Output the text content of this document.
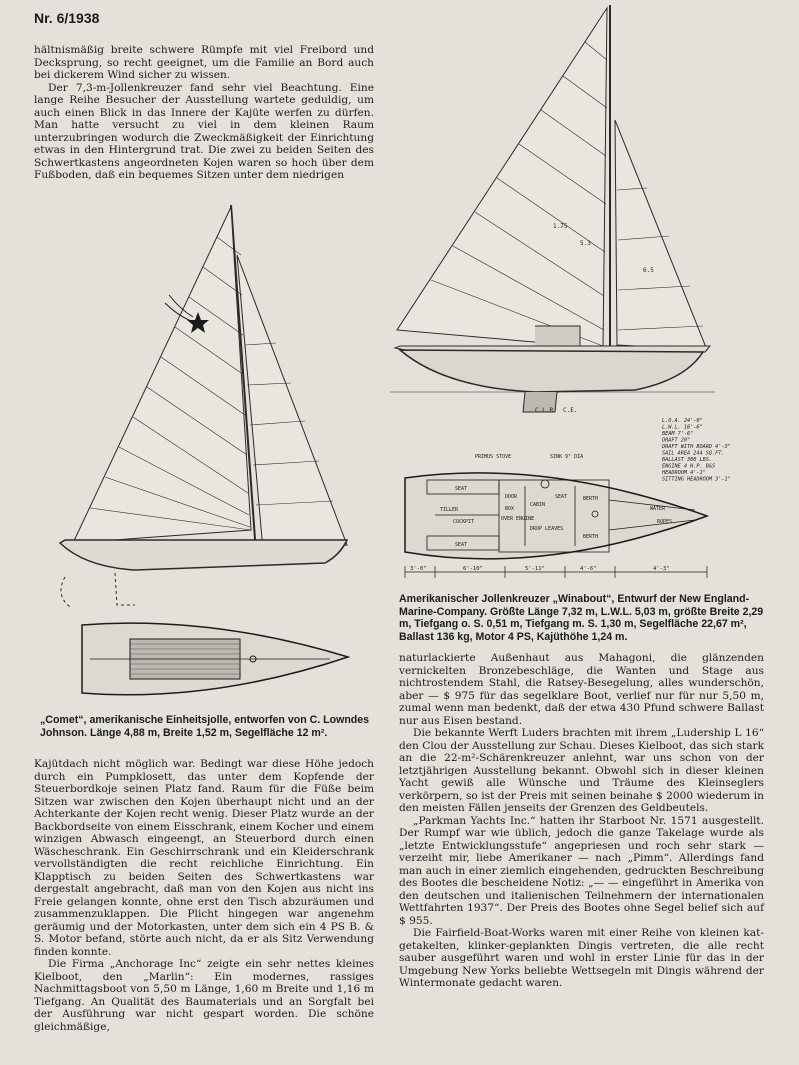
Nr. 6/1938

hältnismäßig breite schwere Rümpfe mit viel Freibord und Decksprung, so recht geeignet, um die Familie an Bord auch bei dickerem Wind sicher zu wissen.

Der 7,3-m-Jollenkreuzer fand sehr viel Beachtung. Eine lange Reihe Besucher der Ausstellung wartete geduldig, um auch einen Blick in das Innere der Kajüte werfen zu dürfen. Man hatte versucht zu viel in dem kleinen Raum unterzubringen wodurch die Zweckmäßigkeit der Einrichtung etwas in den Hintergrund trat. Die zwei zu beiden Seiten des Schwertkastens angeordneten Kojen waren so hoch über dem Fußboden, daß ein bequemes Sitzen unter dem niedrigen

„Comet“, amerikanische Einheitsjolle, entworfen von C. Lowndes Johnson. Länge 4,88 m, Breite 1,52 m, Segelfläche 12 m².
1.75
5.3
6.5
C.L.R. C.E.
L.O.A. 24'-0"
L.W.L. 16'-6"
BEAM 7'-6"
DRAFT 20"
DRAFT WITH BOARD 4'-3"
SAIL AREA 244 SQ.FT.
BALLAST 300 LBS.
ENGINE 4 H.P. B&S
HEADROOM 4'-1"
SITTING HEADROOM 3'-1"
PRIMUS STOVE	SINK 9" DIA
SEAT
SEAT
TILLER
COCKPIT
DOOR
BOX
OVER ENGINE
CABIN
SEAT
DROP LEAVES
BERTH
BERTH
WATER
ROPES
3'-0"	6'-10"	5'-11"	4'-6"	4'-3"
Amerikanischer Jollenkreuzer „Winabout“, Entwurf der New England-Marine-Company. Größte Länge 7,32 m, L.W.L. 5,03 m, größte Breite 2,29 m, Tiefgang o. S. 0,51 m, Tiefgang m. S. 1,30 m, Segelfläche 22,67 m², Ballast 136 kg, Motor 4 PS, Kajüthöhe 1,24 m.

Kajütdach nicht möglich war. Bedingt war diese Höhe jedoch durch ein Pumpklosett, das unter dem Kopfende der Steuerbordkoje seinen Platz fand. Raum für die Füße beim Sitzen war zwischen den Kojen überhaupt nicht und an der Achterkante der Kojen recht wenig. Dieser Platz wurde an der Backbordseite von einem Eisschrank, einem Kocher und einem winzigen Abwasch eingeengt, an Steuerbord durch einen Wäscheschrank. Ein Geschirrschrank und ein Kleiderschrank vervollständigten die recht reichliche Einrichtung. Ein Klapptisch zu beiden Seiten des Schwertkastens war dergestalt angebracht, daß man von den Kojen aus nicht ins Freie gelangen konnte, ohne erst den Tisch abzuräumen und zusammenzuklappen. Die Plicht hingegen war angenehm geräumig und der Motorkasten, unter dem sich ein 4 PS B. & S. Motor befand, störte auch nicht, da er als Sitz Verwendung finden konnte.

Die Firma „Anchorage Inc“ zeigte ein sehr nettes kleines Kielboot, den „Marlin“: Ein modernes, rassiges Nachmittagsboot von 5,50 m Länge, 1,60 m Breite und 1,16 m Tiefgang. An Qualität des Baumaterials und an Sorgfalt bei der Ausführung war nicht gespart worden. Die schöne gleichmäßige,

naturlackierte Außenhaut aus Mahagoni, die glänzenden vernickelten Bronzebeschläge, die Wanten und Stage aus nichtrostendem Stahl, die Ratsey-Besegelung, alles wunderschön, aber — $ 975 für das segelklare Boot, verlief nur für nur 5,50 m, zumal wenn man bedenkt, daß der etwa 430 Pfund schwere Ballast nur aus Eisen bestand.

Die bekannte Werft Luders brachten mit ihrem „Ludership L 16“ den Clou der Ausstellung zur Schau. Dieses Kielboot, das sich stark an die 22-m²-Schärenkreuzer anlehnt, war uns schon von der letztjährigen Ausstellung bekannt. Obwohl sich in dieser kleinen Yacht gewiß alle Wünsche und Träume des Kleinseglers verkörpern, so ist der Preis mit seinen beinahe $ 2000 wiederum in den meisten Fällen jenseits der Grenzen des Geldbeutels.

„Parkman Yachts Inc.“ hatten ihr Starboot Nr. 1571 ausgestellt. Der Rumpf war wie üblich, jedoch die ganze Takelage wurde als „letzte Entwicklungsstufe“ angepriesen und roch sehr stark — verzeiht mir, liebe Amerikaner — nach „Pimm“. Allerdings fand man auch in einer ziemlich eingehenden, gedruckten Beschreibung des Bootes die bescheidene Notiz: „— — eingeführt in Amerika von den deutschen und italienischen Teilnehmern der internationalen Wettfahrten 1937“. Der Preis des Bootes ohne Segel belief sich auf $ 955.

Die Fairfield-Boat-Works waren mit einer Reihe von kleinen kat-getakelten, klinker-geplankten Dingis vertreten, die alle recht sauber ausgeführt waren und wohl in erster Linie für das in der Umgebung New Yorks beliebte Wettsegeln mit Dingis während der Wintermonate gedacht waren.
